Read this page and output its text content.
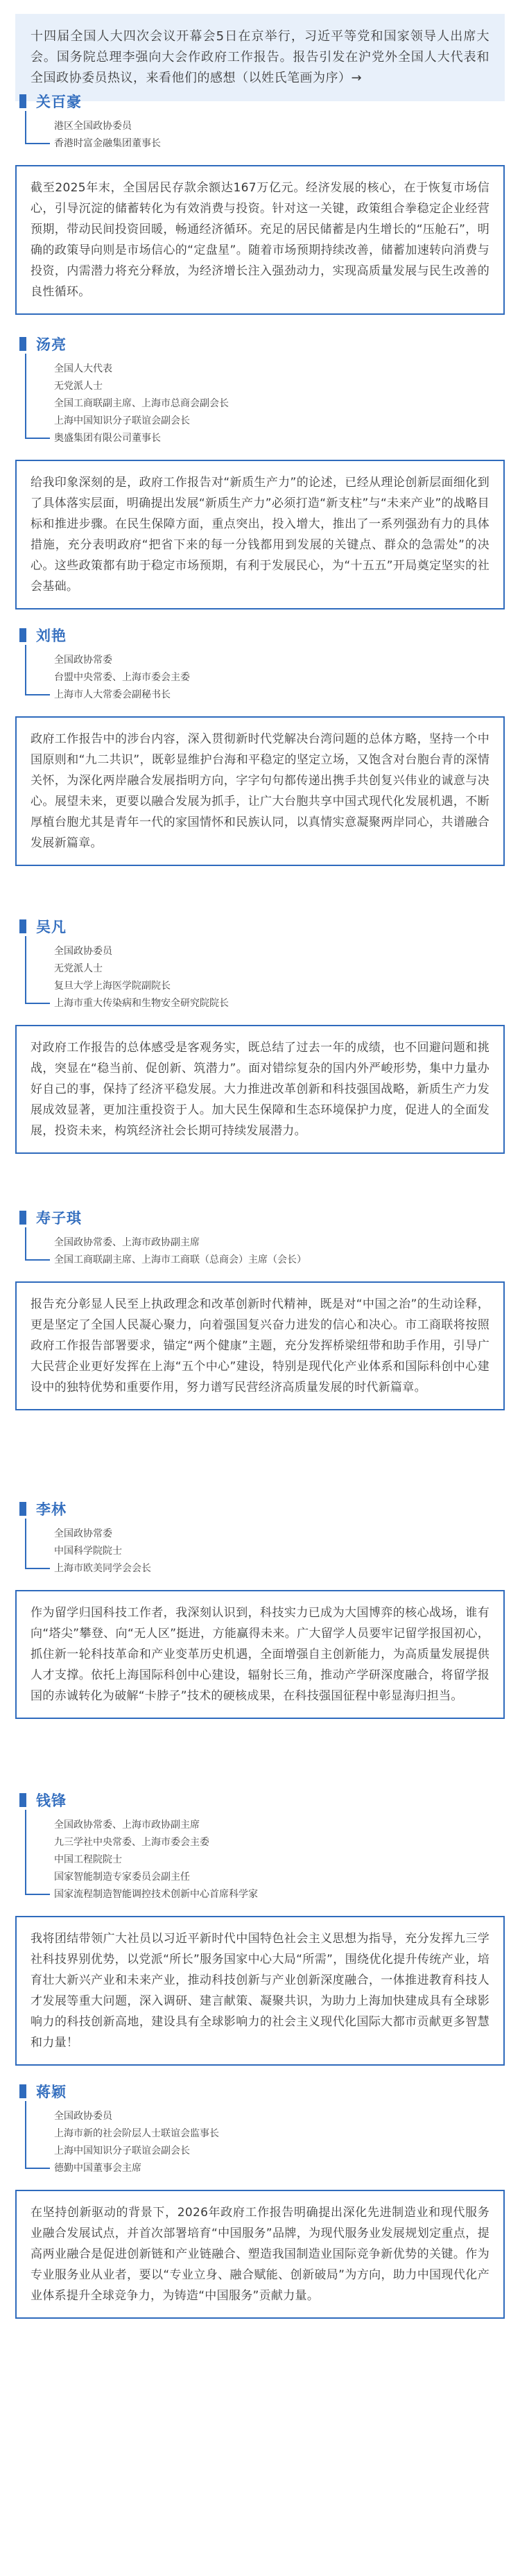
十四届全国人大四次会议开幕会5日在京举行，习近平等党和国家领导人出席大会。国务院总理李强向大会作政府工作报告。报告引发在沪党外全国人大代表和全国政协委员热议，来看他们的感想（以姓氏笔画为序）→
关百豪
港区全国政协委员
香港时富金融集团董事长
截至2025年末，全国居民存款余额达167万亿元。经济发展的核心，在于恢复市场信心，引导沉淀的储蓄转化为有效消费与投资。针对这一关键，政策组合拳稳定企业经营预期，带动民间投资回暖，畅通经济循环。充足的居民储蓄是内生增长的“压舱石”，明确的政策导向则是市场信心的“定盘星”。随着市场预期持续改善，储蓄加速转向消费与投资，内需潜力将充分释放，为经济增长注入强劲动力，实现高质量发展与民生改善的良性循环。
汤亮
全国人大代表
无党派人士
全国工商联副主席、上海市总商会副会长
上海中国知识分子联谊会副会长
奥盛集团有限公司董事长
给我印象深刻的是，政府工作报告对“新质生产力”的论述，已经从理论创新层面细化到了具体落实层面，明确提出发展“新质生产力”必须打造“新支柱”与“未来产业”的战略目标和推进步骤。在民生保障方面，重点突出，投入增大，推出了一系列强劲有力的具体措施，充分表明政府“把省下来的每一分钱都用到发展的关键点、群众的急需处”的决心。这些政策都有助于稳定市场预期，有利于发展民心，为“十五五”开局奠定坚实的社会基础。
刘艳
全国政协常委
台盟中央常委、上海市委会主委
上海市人大常委会副秘书长
政府工作报告中的涉台内容，深入贯彻新时代党解决台湾问题的总体方略，坚持一个中国原则和“九二共识”，既彰显维护台海和平稳定的坚定立场，又饱含对台胞台青的深情关怀，为深化两岸融合发展指明方向，字字句句都传递出携手共创复兴伟业的诚意与决心。展望未来，更要以融合发展为抓手，让广大台胞共享中国式现代化发展机遇，不断厚植台胞尤其是青年一代的家国情怀和民族认同，以真情实意凝聚两岸同心，共谱融合发展新篇章。
吴凡
全国政协委员
无党派人士
复旦大学上海医学院副院长
上海市重大传染病和生物安全研究院院长
对政府工作报告的总体感受是客观务实，既总结了过去一年的成绩，也不回避问题和挑战，突显在“稳当前、促创新、筑潜力”。面对错综复杂的国内外严峻形势，集中力量办好自己的事，保持了经济平稳发展。大力推进改革创新和科技强国战略，新质生产力发展成效显著，更加注重投资于人。加大民生保障和生态环境保护力度，促进人的全面发展，投资未来，构筑经济社会长期可持续发展潜力。
寿子琪
全国政协常委、上海市政协副主席
全国工商联副主席、上海市工商联（总商会）主席（会长）
报告充分彰显人民至上执政理念和改革创新时代精神，既是对“中国之治”的生动诠释，更是坚定了全国人民凝心聚力，向着强国复兴奋力进发的信心和决心。市工商联将按照政府工作报告部署要求，锚定“两个健康”主题，充分发挥桥梁纽带和助手作用，引导广大民营企业更好发挥在上海“五个中心”建设，特别是现代化产业体系和国际科创中心建设中的独特优势和重要作用，努力谱写民营经济高质量发展的时代新篇章。
李林
全国政协常委
中国科学院院士
上海市欧美同学会会长
作为留学归国科技工作者，我深刻认识到，科技实力已成为大国博弈的核心战场，谁有向“塔尖”攀登、向“无人区”挺进，方能赢得未来。广大留学人员要牢记留学报国初心，抓住新一轮科技革命和产业变革历史机遇，全面增强自主创新能力，为高质量发展提供人才支撑。依托上海国际科创中心建设，辐射长三角，推动产学研深度融合，将留学报国的赤诚转化为破解“卡脖子”技术的硬核成果，在科技强国征程中彰显海归担当。
钱锋
全国政协常委、上海市政协副主席
九三学社中央常委、上海市委会主委
中国工程院院士
国家智能制造专家委员会副主任
国家流程制造智能调控技术创新中心首席科学家
我将团结带领广大社员以习近平新时代中国特色社会主义思想为指导，充分发挥九三学社科技界别优势，以党派“所长”服务国家中心大局“所需”，围绕优化提升传统产业，培育壮大新兴产业和未来产业，推动科技创新与产业创新深度融合，一体推进教育科技人才发展等重大问题，深入调研、建言献策、凝聚共识，为助力上海加快建成具有全球影响力的科技创新高地，建设具有全球影响力的社会主义现代化国际大都市贡献更多智慧和力量！
蒋颖
全国政协委员
上海市新的社会阶层人士联谊会监事长
上海中国知识分子联谊会副会长
德勤中国董事会主席
在坚持创新驱动的背景下，2026年政府工作报告明确提出深化先进制造业和现代服务业融合发展试点，并首次部署培育“中国服务”品牌，为现代服务业发展规划定重点，提高两业融合是促进创新链和产业链融合、塑造我国制造业国际竞争新优势的关键。作为专业服务业从业者，要以“专业立身、融合赋能、创新破局”为方向，助力中国现代化产业体系提升全球竞争力，为铸造“中国服务”贡献力量。
